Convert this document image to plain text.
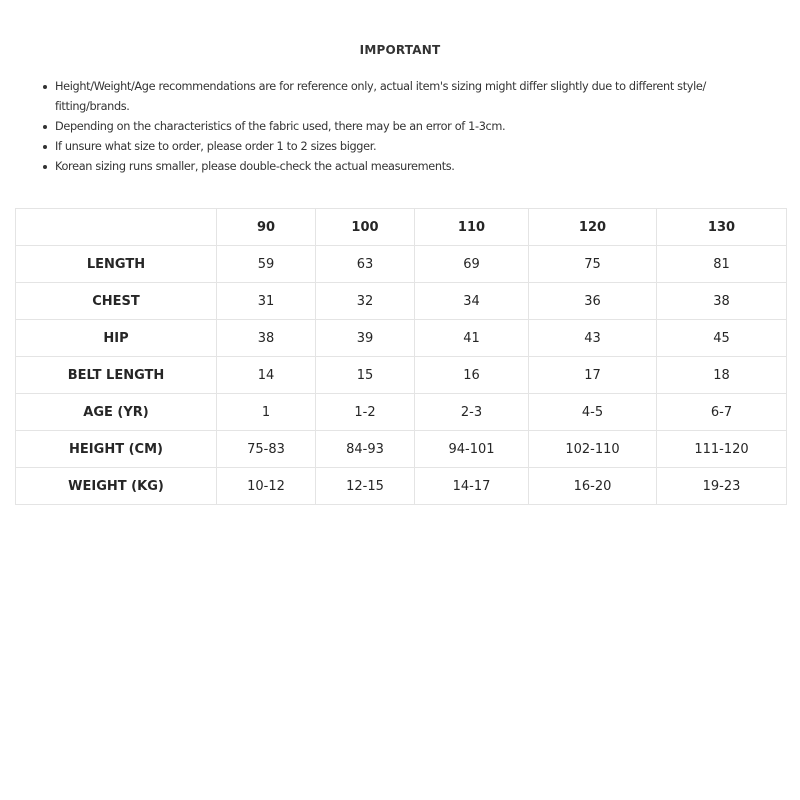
IMPORTANT
Height/Weight/Age recommendations are for reference only, actual item's sizing might differ slightly due to different style/ fitting/brands.
Depending on the characteristics of the fabric used, there may be an error of 1-3cm.
If unsure what size to order, please order 1 to 2 sizes bigger.
Korean sizing runs smaller, please double-check the actual measurements.
	90	100	110	120	130
LENGTH	59	63	69	75	81
CHEST	31	32	34	36	38
HIP	38	39	41	43	45
BELT LENGTH	14	15	16	17	18
AGE (YR)	1	1-2	2-3	4-5	6-7
HEIGHT (CM)	75-83	84-93	94-101	102-110	111-120
WEIGHT (KG)	10-12	12-15	14-17	16-20	19-23
